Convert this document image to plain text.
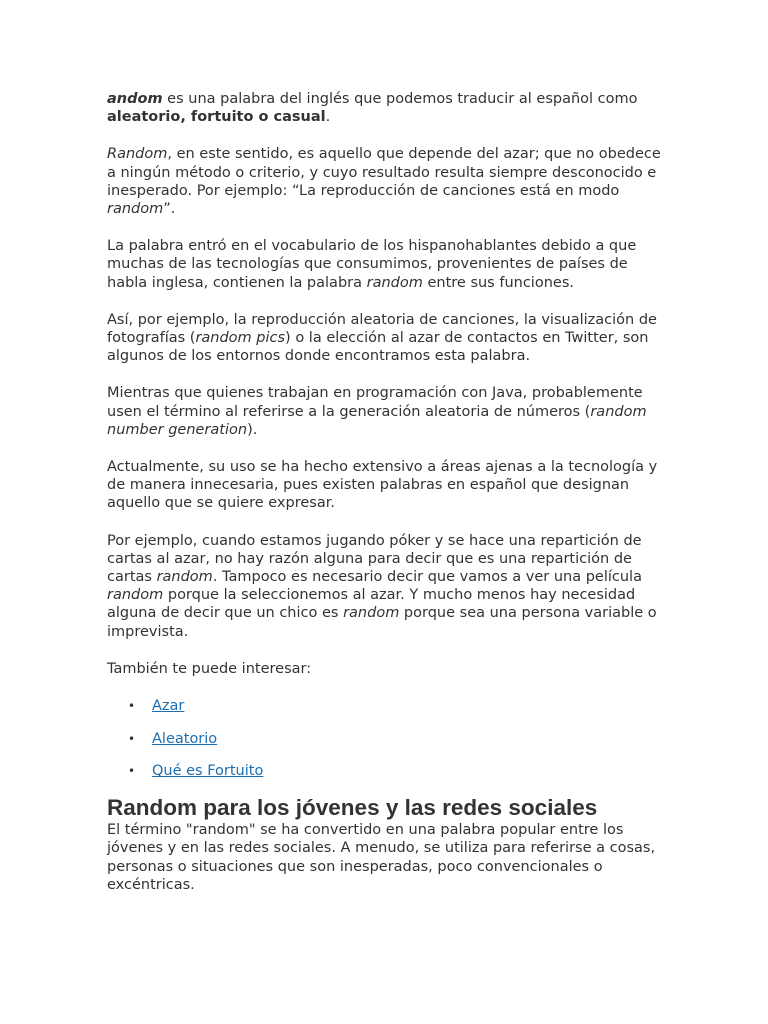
andom es una palabra del inglés que podemos traducir al español como aleatorio, fortuito o casual.

Random, en este sentido, es aquello que depende del azar; que no obedece a ningún método o criterio, y cuyo resultado resulta siempre desconocido e inesperado. Por ejemplo: “La reproducción de canciones está en modo random”.

La palabra entró en el vocabulario de los hispanohablantes debido a que muchas de las tecnologías que consumimos, provenientes de países de habla inglesa, contienen la palabra random entre sus funciones.

Así, por ejemplo, la reproducción aleatoria de canciones, la visualización de fotografías (random pics) o la elección al azar de contactos en Twitter, son algunos de los entornos donde encontramos esta palabra.

Mientras que quienes trabajan en programación con Java, probablemente usen el término al referirse a la generación aleatoria de números (random number generation).

Actualmente, su uso se ha hecho extensivo a áreas ajenas a la tecnología y de manera innecesaria, pues existen palabras en español que designan aquello que se quiere expresar.

Por ejemplo, cuando estamos jugando póker y se hace una repartición de cartas al azar, no hay razón alguna para decir que es una repartición de cartas random. Tampoco es necesario decir que vamos a ver una película random porque la seleccionemos al azar. Y mucho menos hay necesidad alguna de decir que un chico es random porque sea una persona variable o imprevista.

También te puede interesar:

• Azar
• Aleatorio
• Qué es Fortuito
Random para los jóvenes y las redes sociales

El término "random" se ha convertido en una palabra popular entre los jóvenes y en las redes sociales. A menudo, se utiliza para referirse a cosas, personas o situaciones que son inesperadas, poco convencionales o excéntricas.
